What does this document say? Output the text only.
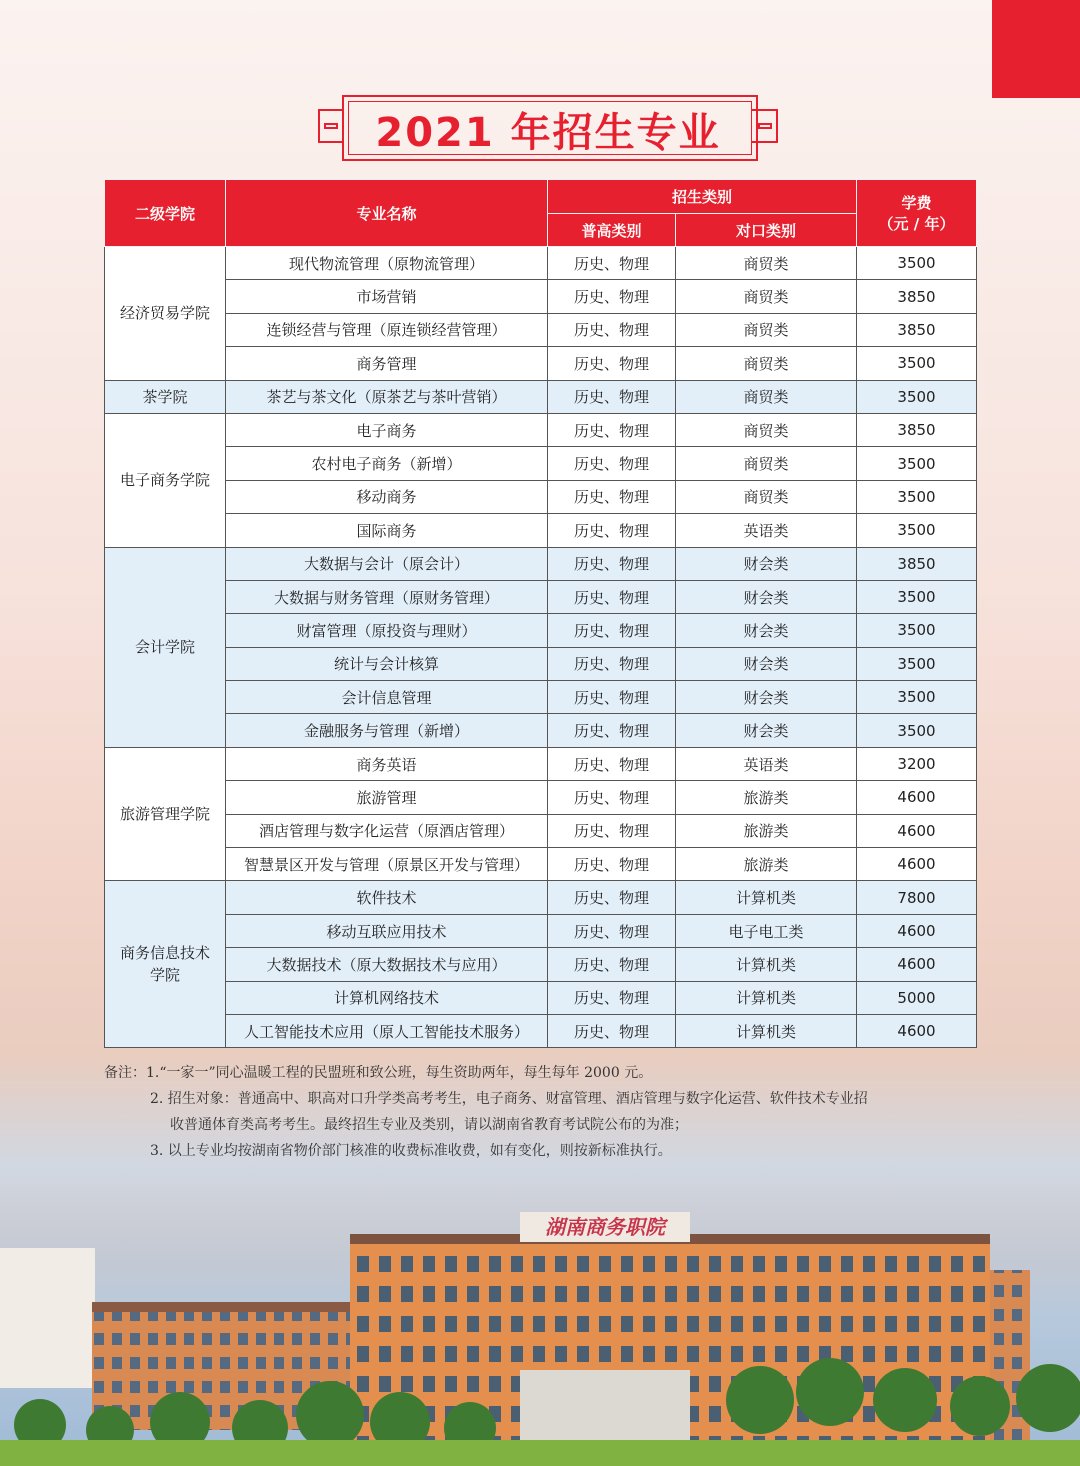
2021 年招生专业
二级学院	专业名称	招生类别		学费
（元 / 年）

		普高类别	对口类别	
经济贸易学院	现代物流管理（原物流管理）	历史、物理	商贸类	3500
	市场营销	历史、物理	商贸类	3850
	连锁经营与管理（原连锁经营管理）	历史、物理	商贸类	3850
	商务管理	历史、物理	商贸类	3500
茶学院	茶艺与茶文化（原茶艺与茶叶营销）	历史、物理	商贸类	3500
电子商务学院	电子商务	历史、物理	商贸类	3850
	农村电子商务（新增）	历史、物理	商贸类	3500
	移动商务	历史、物理	商贸类	3500
	国际商务	历史、物理	英语类	3500
会计学院	大数据与会计（原会计）	历史、物理	财会类	3850
	大数据与财务管理（原财务管理）	历史、物理	财会类	3500
	财富管理（原投资与理财）	历史、物理	财会类	3500
	统计与会计核算	历史、物理	财会类	3500
	会计信息管理	历史、物理	财会类	3500
	金融服务与管理（新增）	历史、物理	财会类	3500
旅游管理学院	商务英语	历史、物理	英语类	3200
	旅游管理	历史、物理	旅游类	4600
	酒店管理与数字化运营（原酒店管理）	历史、物理	旅游类	4600
	智慧景区开发与管理（原景区开发与管理）	历史、物理	旅游类	4600
商务信息技术学院	软件技术	历史、物理	计算机类	7800
	移动互联应用技术	历史、物理	电子电工类	4600
	大数据技术（原大数据技术与应用）	历史、物理	计算机类	4600
	计算机网络技术	历史、物理	计算机类	5000
	人工智能技术应用（原人工智能技术服务）	历史、物理	计算机类	4600
备注：1.“一家一”同心温暖工程的民盟班和致公班，每生资助两年，每生每年 2000 元。
2. 招生对象：普通高中、职高对口升学类高考考生，电子商务、财富管理、酒店管理与数字化运营、软件技术专业招
收普通体育类高考考生。最终招生专业及类别，请以湖南省教育考试院公布的为准；
3. 以上专业均按湖南省物价部门核准的收费标准收费，如有变化，则按新标准执行。
湖南商务职院
